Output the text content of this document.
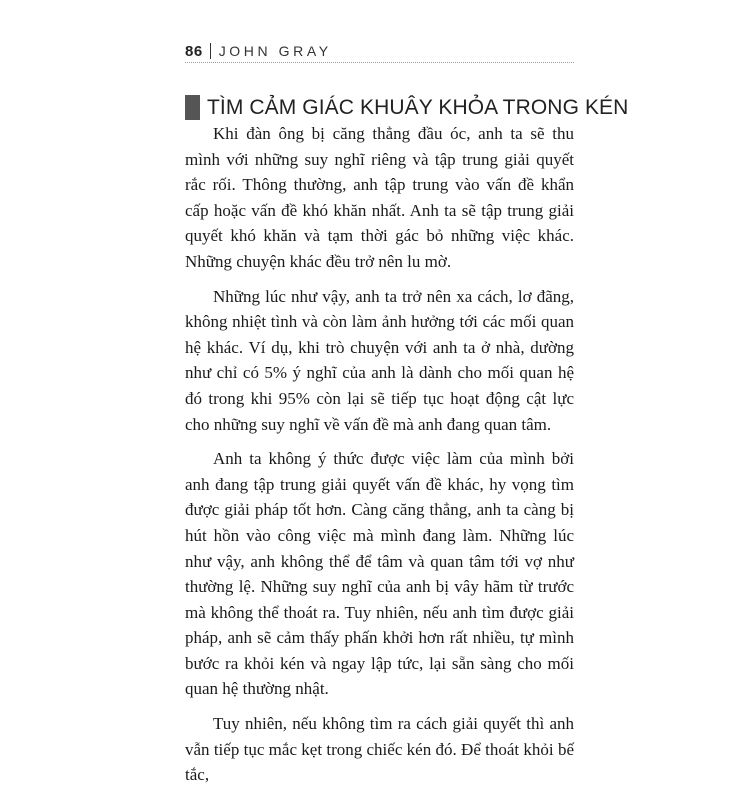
86 JOHN GRAY
TÌM CẢM GIÁC KHUÂY KHỎA TRONG KÉN

Khi đàn ông bị căng thẳng đầu óc, anh ta sẽ thu mình với những suy nghĩ riêng và tập trung giải quyết rắc rối. Thông thường, anh tập trung vào vấn đề khẩn cấp hoặc vấn đề khó khăn nhất. Anh ta sẽ tập trung giải quyết khó khăn và tạm thời gác bỏ những việc khác. Những chuyện khác đều trở nên lu mờ.

Những lúc như vậy, anh ta trở nên xa cách, lơ đãng, không nhiệt tình và còn làm ảnh hưởng tới các mối quan hệ khác. Ví dụ, khi trò chuyện với anh ta ở nhà, dường như chỉ có 5% ý nghĩ của anh là dành cho mối quan hệ đó trong khi 95% còn lại sẽ tiếp tục hoạt động cật lực cho những suy nghĩ về vấn đề mà anh đang quan tâm.

Anh ta không ý thức được việc làm của mình bởi anh đang tập trung giải quyết vấn đề khác, hy vọng tìm được giải pháp tốt hơn. Càng căng thẳng, anh ta càng bị hút hồn vào công việc mà mình đang làm. Những lúc như vậy, anh không thể để tâm và quan tâm tới vợ như thường lệ. Những suy nghĩ của anh bị vây hãm từ trước mà không thể thoát ra. Tuy nhiên, nếu anh tìm được giải pháp, anh sẽ cảm thấy phấn khởi hơn rất nhiều, tự mình bước ra khỏi kén và ngay lập tức, lại sẵn sàng cho mối quan hệ thường nhật.

Tuy nhiên, nếu không tìm ra cách giải quyết thì anh vẫn tiếp tục mắc kẹt trong chiếc kén đó. Để thoát khỏi bế tắc,
